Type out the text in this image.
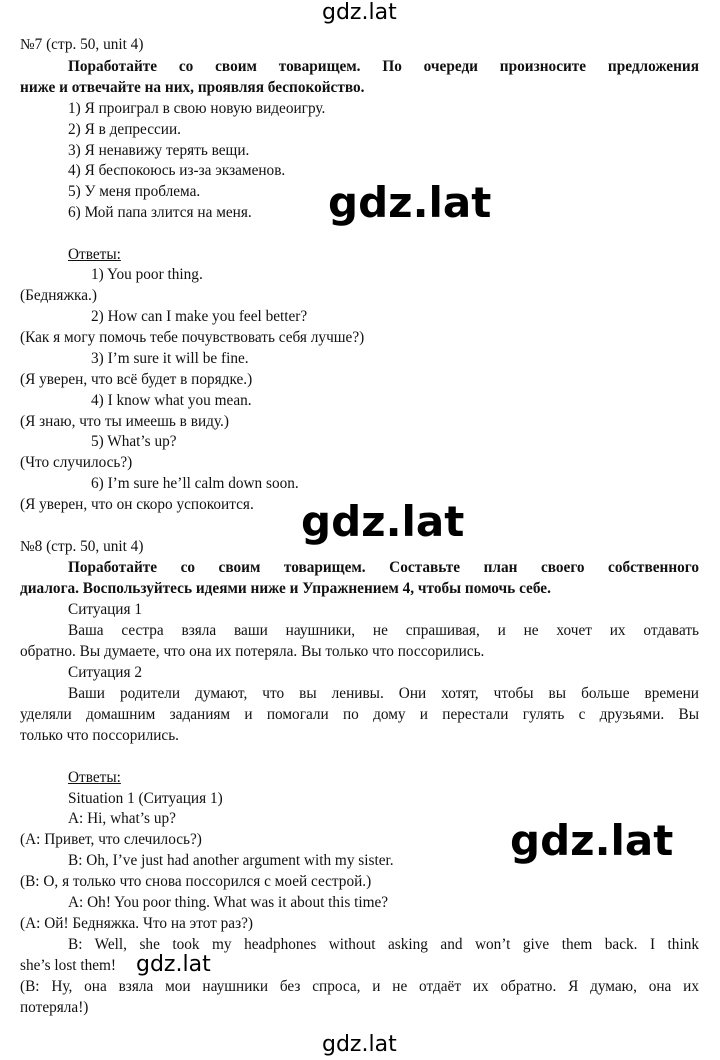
gdz.lat
gdz.lat
gdz.lat
gdz.lat
gdz.lat
gdz.lat
№7 (стр. 50, unit 4)
Поработайте со своим товарищем. По очереди произносите предложения
ниже и отвечайте на них, проявляя беспокойство.
1) Я проиграл в свою новую видеоигру.
2) Я в депрессии.
3) Я ненавижу терять вещи.
4) Я беспокоюсь из-за экзаменов.
5) У меня проблема.
6) Мой папа злится на меня.
Ответы:
1) You poor thing.
(Бедняжка.)
2) How can I make you feel better?
(Как я могу помочь тебе почувствовать себя лучше?)
3) I’m sure it will be fine.
(Я уверен, что всё будет в порядке.)
4) I know what you mean.
(Я знаю, что ты имеешь в виду.)
5) What’s up?
(Что случилось?)
6) I’m sure he’ll calm down soon.
(Я уверен, что он скоро успокоится.
№8 (стр. 50, unit 4)
Поработайте со своим товарищем. Составьте план своего собственного
диалога. Воспользуйтесь идеями ниже и Упражнением 4, чтобы помочь себе.
Ситуация 1
Ваша сестра взяла ваши наушники, не спрашивая, и не хочет их отдавать
обратно. Вы думаете, что она их потеряла. Вы только что поссорились.
Ситуация 2
Ваши родители думают, что вы ленивы. Они хотят, чтобы вы больше времени
уделяли домашним заданиям и помогали по дому и перестали гулять с друзьями. Вы
только что поссорились.
Ответы:
Situation 1 (Ситуация 1)
A: Hi, what’s up?
(A: Привет, что слечилось?)
B: Oh, I’ve just had another argument with my sister.
(B: О, я только что снова поссорился с моей сестрой.)
A: Oh! You poor thing. What was it about this time?
(A: Ой! Бедняжка. Что на этот раз?)
B: Well, she took my headphones without asking and won’t give them back. I think
she’s lost them!
(B: Ну, она взяла мои наушники без спроса, и не отдаёт их обратно. Я думаю, она их
потеряла!)
